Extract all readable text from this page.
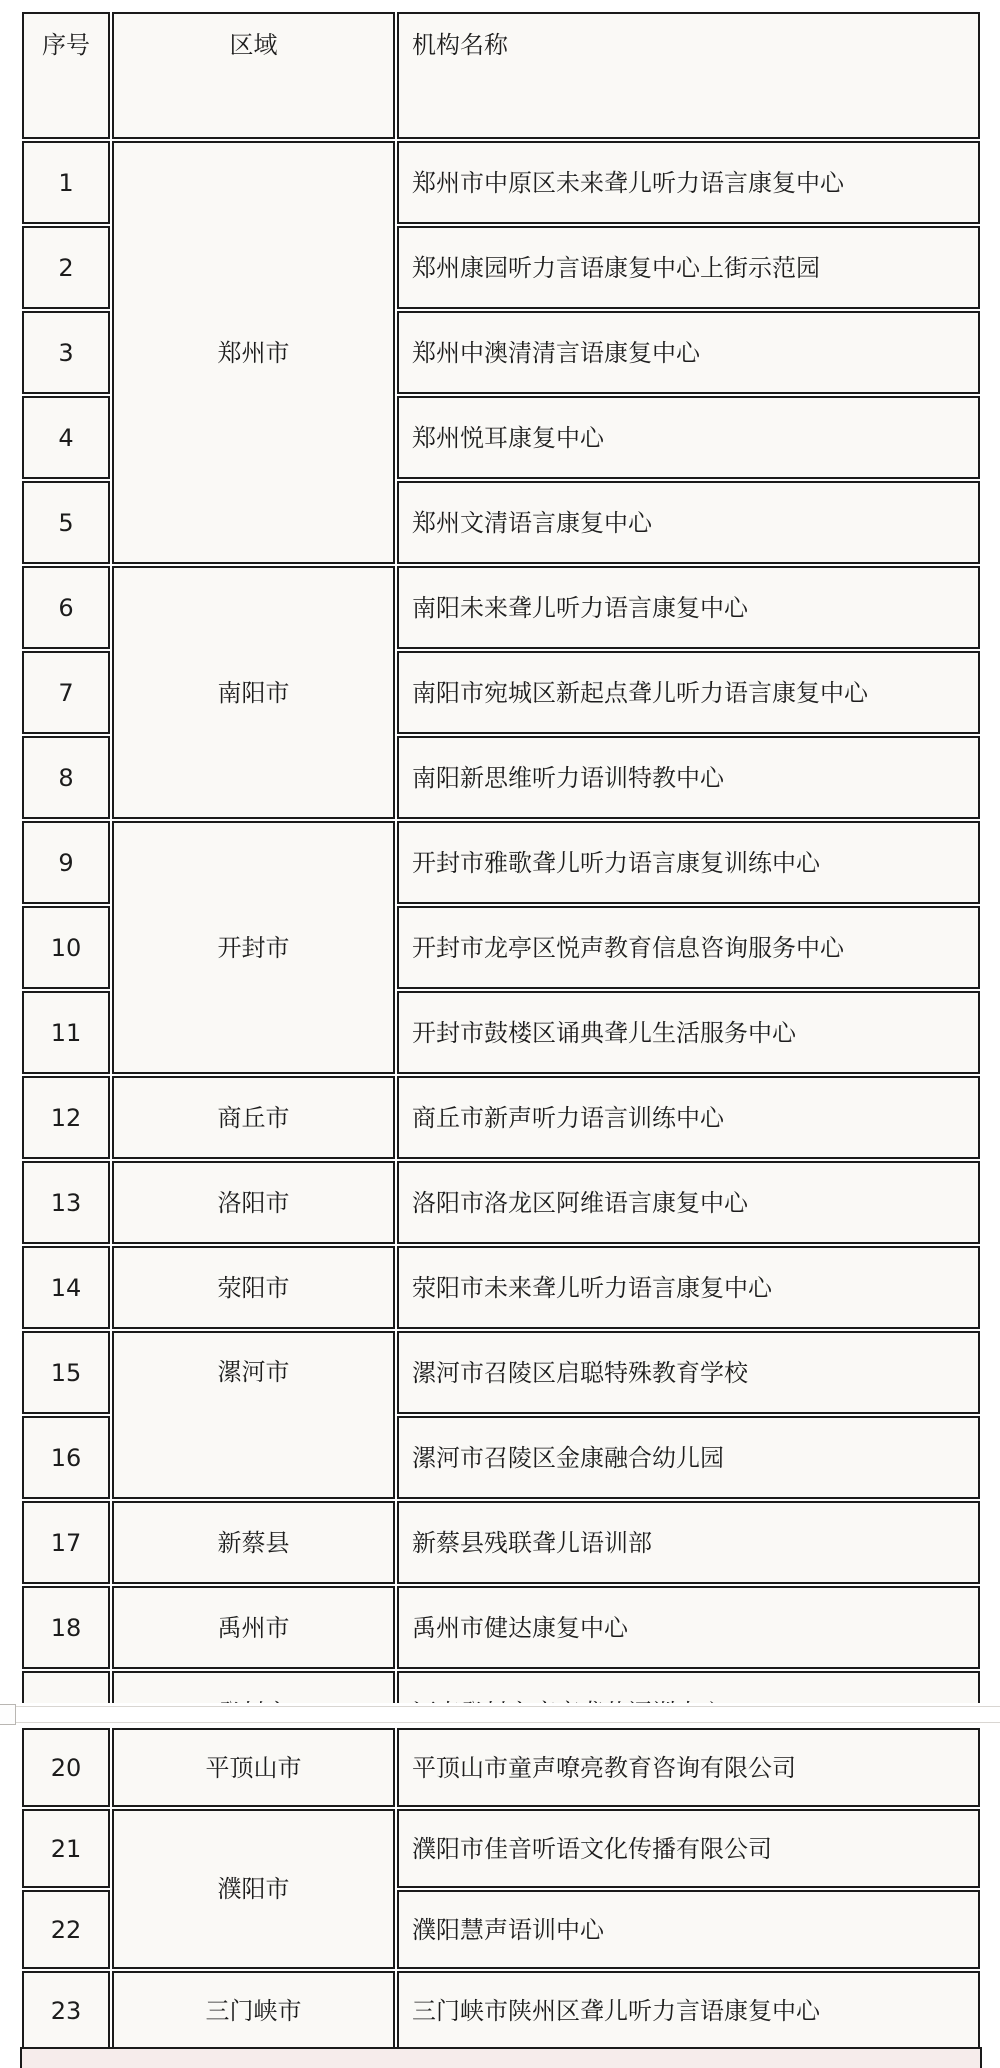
序号	区域	机构名称
1	郑州市	郑州市中原区未来聋儿听力语言康复中心
2		郑州康园听力言语康复中心上街示范园
3		郑州中澳清清言语康复中心
4		郑州悦耳康复中心
5		郑州文清语言康复中心
6	南阳市	南阳未来聋儿听力语言康复中心
7		南阳市宛城区新起点聋儿听力语言康复中心
8		南阳新思维听力语训特教中心
9	开封市	开封市雅歌聋儿听力语言康复训练中心
10		开封市龙亭区悦声教育信息咨询服务中心
11		开封市鼓楼区诵典聋儿生活服务中心
12	商丘市	商丘市新声听力语言训练中心
13	洛阳市	洛阳市洛龙区阿维语言康复中心
14	荥阳市	荥阳市未来聋儿听力语言康复中心
15	漯河市	漯河市召陵区启聪特殊教育学校
16		漯河市召陵区金康融合幼儿园
17	新蔡县	新蔡县残联聋儿语训部
18	禹州市	禹州市健达康复中心

20	平顶山市	平顶山市童声嘹亮教育咨询有限公司
21	濮阳市	濮阳市佳音听语文化传播有限公司
22		濮阳慧声语训中心
23	三门峡市	三门峡市陕州区聋儿听力言语康复中心
